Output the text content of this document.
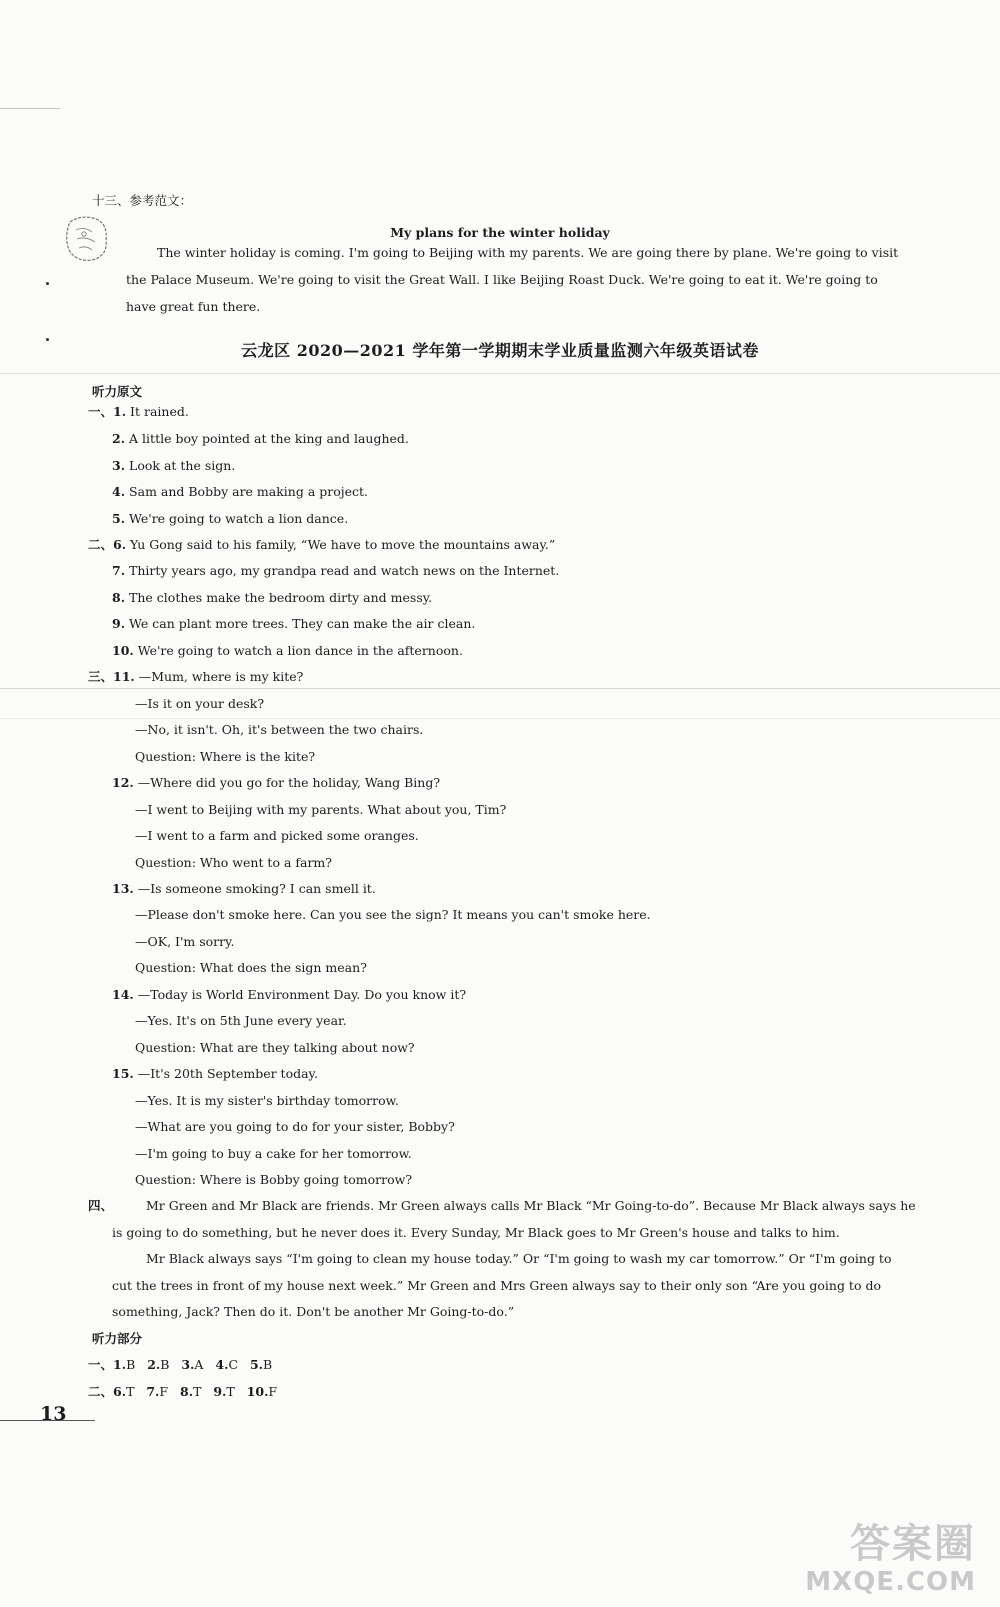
十三、参考范文：
My plans for the winter holiday
The winter holiday is coming. I'm going to Beijing with my parents. We are going there by plane. We're going to visit
the Palace Museum. We're going to visit the Great Wall. I like Beijing Roast Duck. We're going to eat it. We're going to
have great fun there.
云龙区 2020—2021 学年第一学期期末学业质量监测六年级英语试卷
听力原文
一、1. It rained.
2. A little boy pointed at the king and laughed.
3. Look at the sign.
4. Sam and Bobby are making a project.
5. We're going to watch a lion dance.
二、6. Yu Gong said to his family, “We have to move the mountains away.”
7. Thirty years ago, my grandpa read and watch news on the Internet.
8. The clothes make the bedroom dirty and messy.
9. We can plant more trees. They can make the air clean.
10. We're going to watch a lion dance in the afternoon.
三、11. —Mum, where is my kite?
—Is it on your desk?
—No, it isn't. Oh, it's between the two chairs.
Question: Where is the kite?
12. —Where did you go for the holiday, Wang Bing?
—I went to Beijing with my parents. What about you, Tim?
—I went to a farm and picked some oranges.
Question: Who went to a farm?
13. —Is someone smoking? I can smell it.
—Please don't smoke here. Can you see the sign? It means you can't smoke here.
—OK, I'm sorry.
Question: What does the sign mean?
14. —Today is World Environment Day. Do you know it?
—Yes. It's on 5th June every year.
Question: What are they talking about now?
15. —It's 20th September today.
—Yes. It is my sister's birthday tomorrow.
—What are you going to do for your sister, Bobby?
—I'm going to buy a cake for her tomorrow.
Question: Where is Bobby going tomorrow?
四、	Mr Green and Mr Black are friends. Mr Green always calls Mr Black “Mr Going-to-do”. Because Mr Black always says he
is going to do something, but he never does it. Every Sunday, Mr Black goes to Mr Green's house and talks to him.
Mr Black always says “I'm going to clean my house today.” Or “I'm going to wash my car tomorrow.” Or “I'm going to
cut the trees in front of my house next week.” Mr Green and Mrs Green always say to their only son “Are you going to do
something, Jack? Then do it. Don't be another Mr Going-to-do.”
听力部分
一、1.B 2.B 3.A 4.C 5.B
二、6.T 7.F 8.T 9.T 10.F
13
答案圈
MXQE.COM
